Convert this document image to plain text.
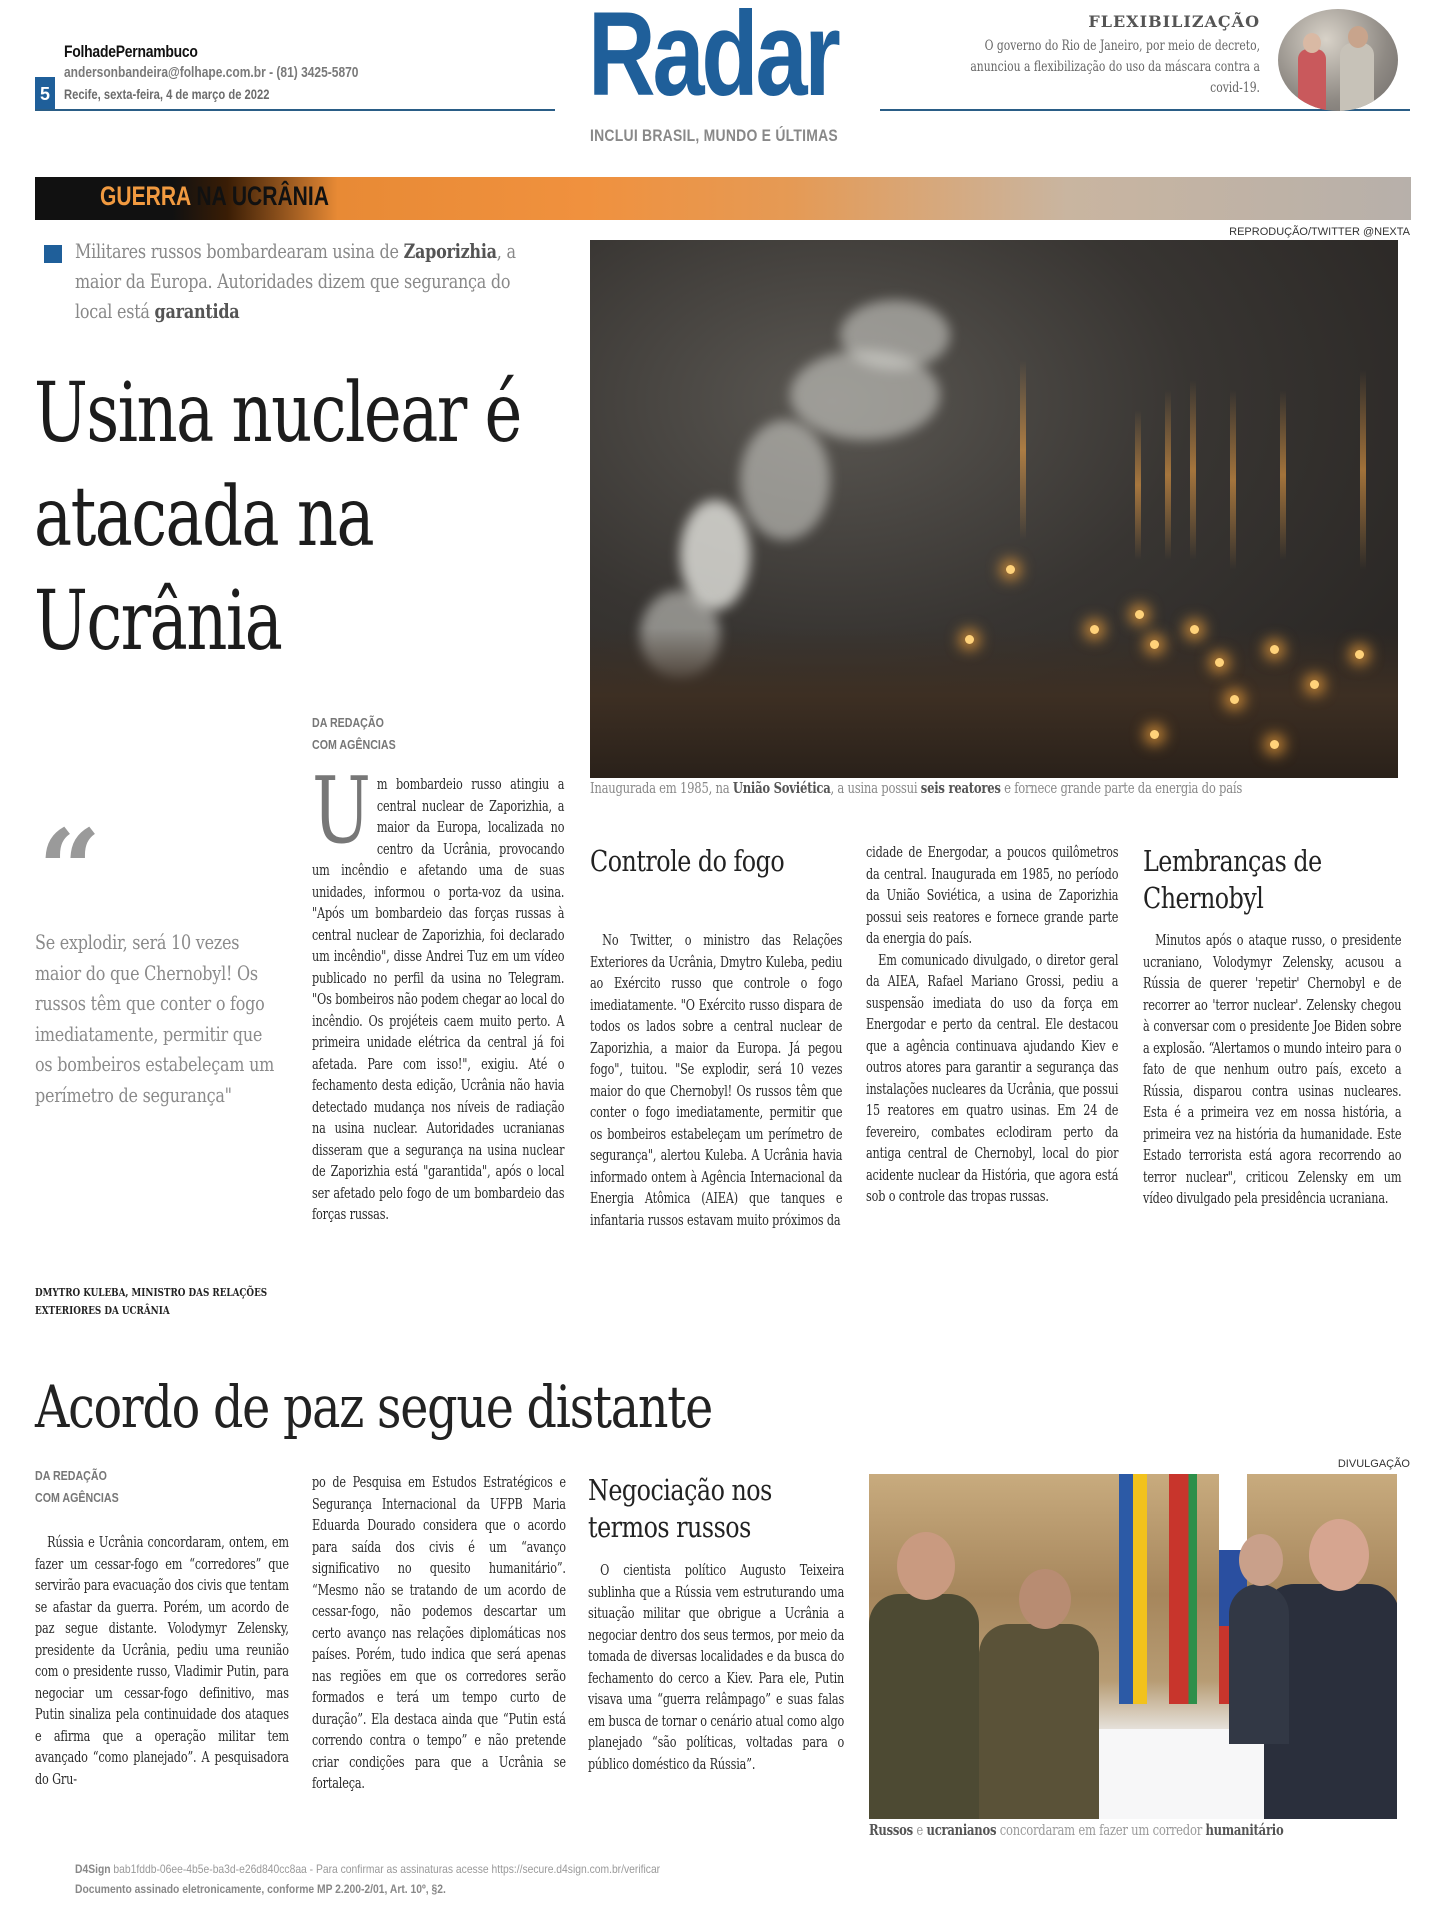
FolhadePernambuco
andersonbandeira@folhape.com.br - (81) 3425-5870
5	Recife, sexta-feira, 4 de março de 2022	Radar
INCLUI BRASIL, MUNDO E ÚLTIMAS
FLEXIBILIZAÇÃO
O governo do Rio de Janeiro, por meio de decreto, anunciou a flexibilização do uso da máscara contra a covid-19.
GUERRA NA UCRÂNIA
Militares russos bombardearam usina de Zaporizhia, a maior da Europa. Autoridades dizem que segurança do local está garantida
Usina nuclear é atacada na Ucrânia
REPRODUÇÃO/TWITTER @NEXTA
Inaugurada em 1985, na União Soviética, a usina possui seis reatores e fornece grande parte da energia do país
“
Se explodir, será 10 vezes maior do que Chernobyl! Os russos têm que conter o fogo imediatamente, permitir que os bombeiros estabeleçam um perímetro de segurança"
DMYTRO KULEBA, MINISTRO DAS RELAÇÕES EXTERIORES DA UCRÂNIA
DA REDAÇÃO
COM AGÊNCIAS
U m bombardeio russo atingiu a central nuclear de Zaporizhia, a maior da Europa, localizada no centro da Ucrânia, provocando um incêndio e afetando uma de suas unidades, informou o porta-voz da usina. "Após um bombardeio das forças russas à central nuclear de Zaporizhia, foi declarado um incêndio", disse Andrei Tuz em um vídeo publicado no perfil da usina no Telegram. "Os bombeiros não podem chegar ao local do incêndio. Os projéteis caem muito perto. A primeira unidade elétrica da central já foi afetada. Pare com isso!", exigiu. Até o fechamento desta edição, Ucrânia não havia detectado mudança nos níveis de radiação na usina nuclear. Autoridades ucranianas disseram que a segurança na usina nuclear de Zaporizhia está "garantida", após o local ser afetado pelo fogo de um bombardeio das forças russas.

Controle do fogo

No Twitter, o ministro das Relações Exteriores da Ucrânia, Dmytro Kuleba, pediu ao Exército russo que controle o fogo imediatamente. "O Exército russo dispara de todos os lados sobre a central nuclear de Zaporizhia, a maior da Europa. Já pegou fogo", tuitou. "Se explodir, será 10 vezes maior do que Chernobyl! Os russos têm que conter o fogo imediatamente, permitir que os bombeiros estabeleçam um perímetro de segurança", alertou Kuleba. A Ucrânia havia informado ontem à Agência Internacional da Energia Atômica (AIEA) que tanques e infantaria russos estavam muito próximos da

cidade de Energodar, a poucos quilômetros da central. Inaugurada em 1985, no período da União Soviética, a usina de Zaporizhia possui seis reatores e fornece grande parte da energia do país.

Em comunicado divulgado, o diretor geral da AIEA, Rafael Mariano Grossi, pediu a suspensão imediata do uso da força em Energodar e perto da central. Ele destacou que a agência continuava ajudando Kiev e outros atores para garantir a segurança das instalações nucleares da Ucrânia, que possui 15 reatores em quatro usinas. Em 24 de fevereiro, combates eclodiram perto da antiga central de Chernobyl, local do pior acidente nuclear da História, que agora está sob o controle das tropas russas.

Lembranças de Chernobyl

Minutos após o ataque russo, o presidente ucraniano, Volodymyr Zelensky, acusou a Rússia de querer 'repetir' Chernobyl e de recorrer ao 'terror nuclear'. Zelensky chegou à conversar com o presidente Joe Biden sobre a explosão. “Alertamos o mundo inteiro para o fato de que nenhum outro país, exceto a Rússia, disparou contra usinas nucleares. Esta é a primeira vez em nossa história, a primeira vez na história da humanidade. Este Estado terrorista está agora recorrendo ao terror nuclear", criticou Zelensky em um vídeo divulgado pela presidência ucraniana.

Acordo de paz segue distante
DA REDAÇÃO
COM AGÊNCIAS

Rússia e Ucrânia concordaram, ontem, em fazer um cessar-fogo em “corredores” que servirão para evacuação dos civis que tentam se afastar da guerra. Porém, um acordo de paz segue distante. Volodymyr Zelensky, presidente da Ucrânia, pediu uma reunião com o presidente russo, Vladimir Putin, para negociar um cessar-fogo definitivo, mas Putin sinaliza pela continuidade dos ataques e afirma que a operação militar tem avançado “como planejado”. A pesquisadora do Gru-

po de Pesquisa em Estudos Estratégicos e Segurança Internacional da UFPB Maria Eduarda Dourado considera que o acordo para saída dos civis é um “avanço significativo no quesito humanitário”. “Mesmo não se tratando de um acordo de cessar-fogo, não podemos descartar um certo avanço nas relações diplomáticas nos países. Porém, tudo indica que será apenas nas regiões em que os corredores serão formados e terá um tempo curto de duração”. Ela destaca ainda que “Putin está correndo contra o tempo” e não pretende criar condições para que a Ucrânia se fortaleça.

Negociação nos termos russos

O cientista político Augusto Teixeira sublinha que a Rússia vem estruturando uma situação militar que obrigue a Ucrânia a negociar dentro dos seus termos, por meio da tomada de diversas localidades e da busca do fechamento do cerco a Kiev. Para ele, Putin visava uma “guerra relâmpago” e suas falas em busca de tornar o cenário atual como algo planejado “são políticas, voltadas para o público doméstico da Rússia”.

DIVULGAÇÃO
Russos e ucranianos concordaram em fazer um corredor humanitário
D4Sign bab1fddb-06ee-4b5e-ba3d-e26d840cc8aa - Para confirmar as assinaturas acesse https://secure.d4sign.com.br/verificar
Documento assinado eletronicamente, conforme MP 2.200-2/01, Art. 10º, §2.
